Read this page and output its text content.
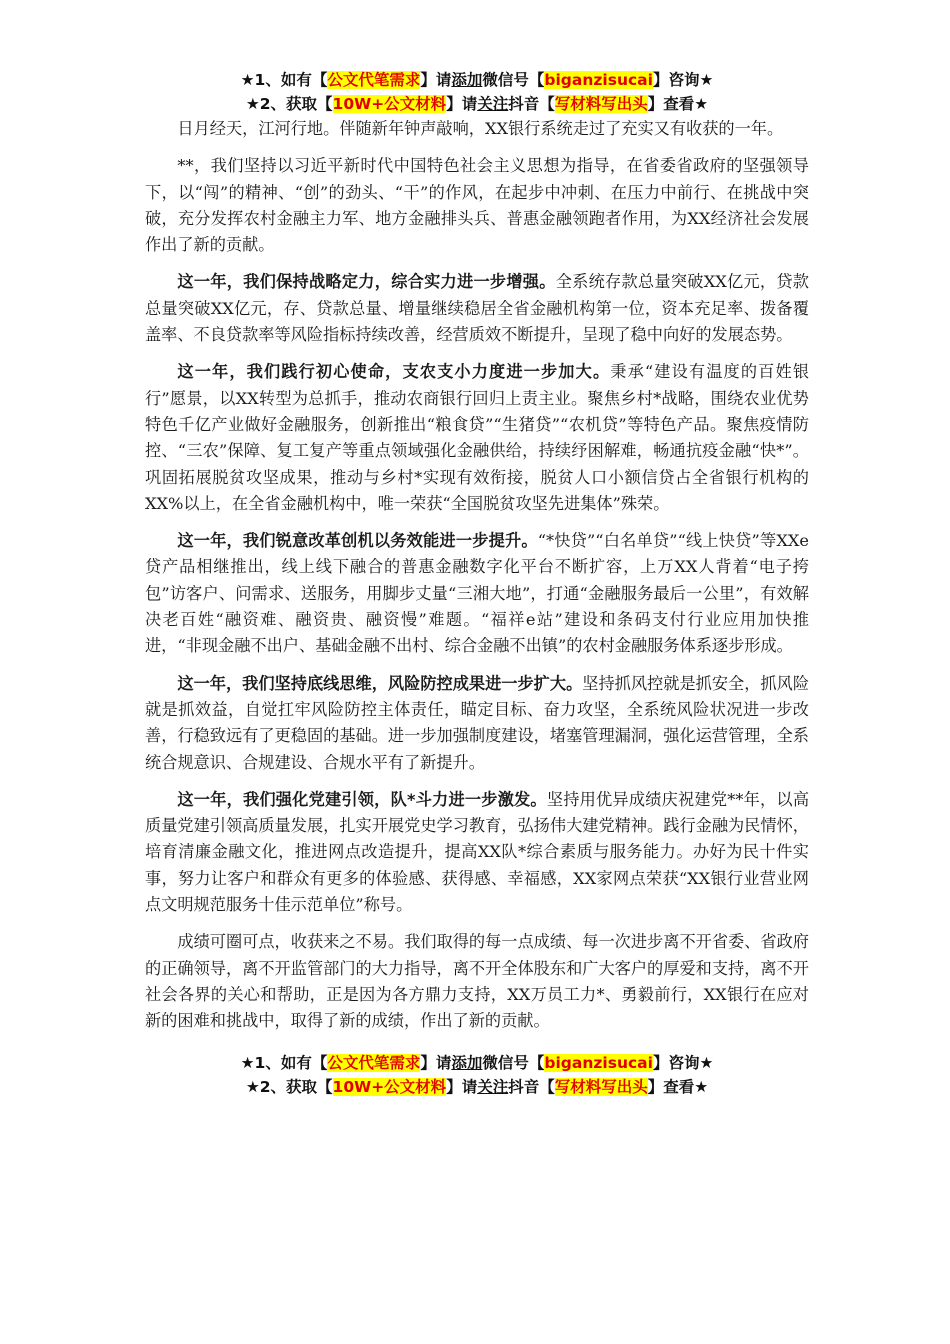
★1、如有【公文代笔需求】请添加微信号【biganzisucai】咨询★
★2、获取【10W+公文材料】请关注抖音【写材料写出头】查看★

日月经天，江河行地。伴随新年钟声敲响，XX银行系统走过了充实又有收获的一年。

**，我们坚持以习近平新时代中国特色社会主义思想为指导，在省委省政府的坚强领导下，以“闯”的精神、“创”的劲头、“干”的作风，在起步中冲刺、在压力中前行、在挑战中突破，充分发挥农村金融主力军、地方金融排头兵、普惠金融领跑者作用，为XX经济社会发展作出了新的贡献。

这一年，我们保持战略定力，综合实力进一步增强。全系统存款总量突破XX亿元，贷款总量突破XX亿元，存、贷款总量、增量继续稳居全省金融机构第一位，资本充足率、拨备覆盖率、不良贷款率等风险指标持续改善，经营质效不断提升，呈现了稳中向好的发展态势。

这一年，我们践行初心使命，支农支小力度进一步加大。秉承“建设有温度的百姓银行”愿景，以XX转型为总抓手，推动农商银行回归上责主业。聚焦乡村*战略，围绕农业优势特色千亿产业做好金融服务，创新推出“粮食贷”“生猪贷”“农机贷”等特色产品。聚焦疫情防控、“三农”保障、复工复产等重点领域强化金融供给，持续纾困解难，畅通抗疫金融“快*”。巩固拓展脱贫攻坚成果，推动与乡村*实现有效衔接，脱贫人口小额信贷占全省银行机构的XX%以上，在全省金融机构中，唯一荣获“全国脱贫攻坚先进集体”殊荣。

这一年，我们锐意改革创机以务效能进一步提升。“*快贷”“白名单贷”“线上快贷”等XXe贷产品相继推出，线上线下融合的普惠金融数字化平台不断扩容，上万XX人背着“电子挎包”访客户、问需求、送服务，用脚步丈量“三湘大地”，打通“金融服务最后一公里”，有效解决老百姓“融资难、融资贵、融资慢”难题。“福祥e站”建设和条码支付行业应用加快推进，“非现金融不出户、基础金融不出村、综合金融不出镇”的农村金融服务体系逐步形成。

这一年，我们坚持底线思维，风险防控成果进一步扩大。坚持抓风控就是抓安全，抓风险就是抓效益，自觉扛牢风险防控主体责任，瞄定目标、奋力攻坚，全系统风险状况进一步改善，行稳致远有了更稳固的基础。进一步加强制度建设，堵塞管理漏洞，强化运营管理，全系统合规意识、合规建设、合规水平有了新提升。

这一年，我们强化党建引领，队*斗力进一步激发。坚持用优异成绩庆祝建党**年，以高质量党建引领高质量发展，扎实开展党史学习教育，弘扬伟大建党精神。践行金融为民情怀，培育清廉金融文化，推进网点改造提升，提高XX队*综合素质与服务能力。办好为民十件实事，努力让客户和群众有更多的体验感、获得感、幸福感，XX家网点荣获“XX银行业营业网点文明规范服务十佳示范单位”称号。

成绩可圈可点，收获来之不易。我们取得的每一点成绩、每一次进步离不开省委、省政府的正确领导，离不开监管部门的大力指导，离不开全体股东和广大客户的厚爱和支持，离不开社会各界的关心和帮助，正是因为各方鼎力支持，XX万员工力*、勇毅前行，XX银行在应对新的困难和挑战中，取得了新的成绩，作出了新的贡献。

★1、如有【公文代笔需求】请添加微信号【biganzisucai】咨询★
★2、获取【10W+公文材料】请关注抖音【写材料写出头】查看★
